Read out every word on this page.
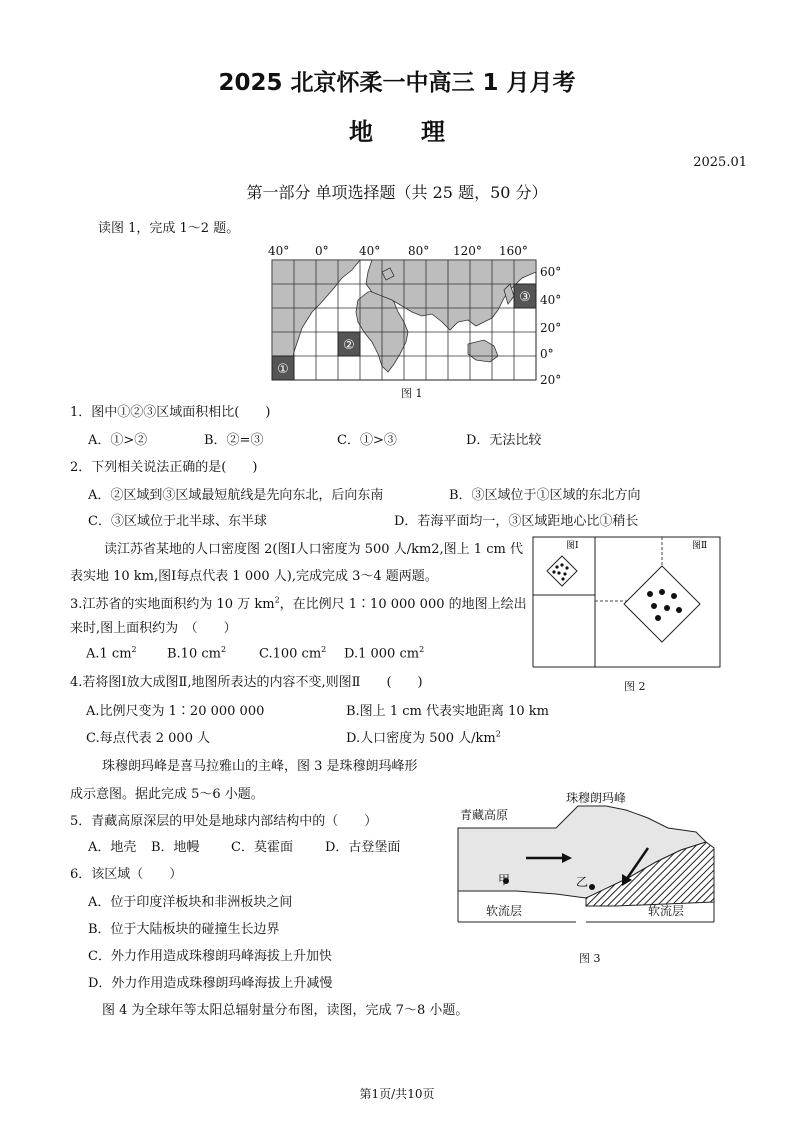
2025 北京怀柔一中高三 1 月月考
地　　理
2025.01
第一部分 单项选择题（共 25 题，50 分）
读图 1，完成 1～2 题。
40° 0°	40° 80° 120° 160°
60°
40°
20°
0°
20°
①
②
③
图 1
1．图中①②③区域面积相比(　　)
A．①>②	B．②=③	C．①>③	D．无法比较
2．下列相关说法正确的是(　　)
A．②区域到③区域最短航线是先向东北，后向东南	B．③区域位于①区域的东北方向
C．③区域位于北半球、东半球	D．若海平面均一，③区域距地心比①稍长
读江苏省某地的人口密度图 2(图Ⅰ人口密度为 500 人/km2,图上 1 cm 代
表实地 10 km,图Ⅰ每点代表 1 000 人),完成完成 3～4 题两题。
图Ⅰ	图Ⅱ
图 2
3.江苏省的实地面积约为 10 万 $km^2$，在比例尺 1∶10 000 000 的地图上绘出
来时,图上面积约为　（　　）
A.1 $cm^2$ B.10 $cm^2$	C.100 $cm^2$ D.1 000 $cm^2$
4.若将图Ⅰ放大成图Ⅱ,地图所表达的内容不变,则图Ⅱ　　(　　)
A.比例尺变为 1∶20 000 000	B.图上 1 cm 代表实地距离 10 km
C.每点代表 2 000 人	D.人口密度为 500 人$/km^2$
珠穆朗玛峰是喜马拉雅山的主峰，图 3 是珠穆朗玛峰形
成示意图。据此完成 5～6 小题。
青藏高原
珠穆朗玛峰
甲	乙
软流层	软流层
图 3
5．青藏高原深层的甲处是地球内部结构中的（　　）
A．地壳 B．地幔 C．莫霍面 D．古登堡面
6．该区域（　　）
A．位于印度洋板块和非洲板块之间
B．位于大陆板块的碰撞生长边界
C．外力作用造成珠穆朗玛峰海拔上升加快
D．外力作用造成珠穆朗玛峰海拔上升减慢
图 4 为全球年等太阳总辐射量分布图，读图，完成 7～8 小题。
第1页/共10页
